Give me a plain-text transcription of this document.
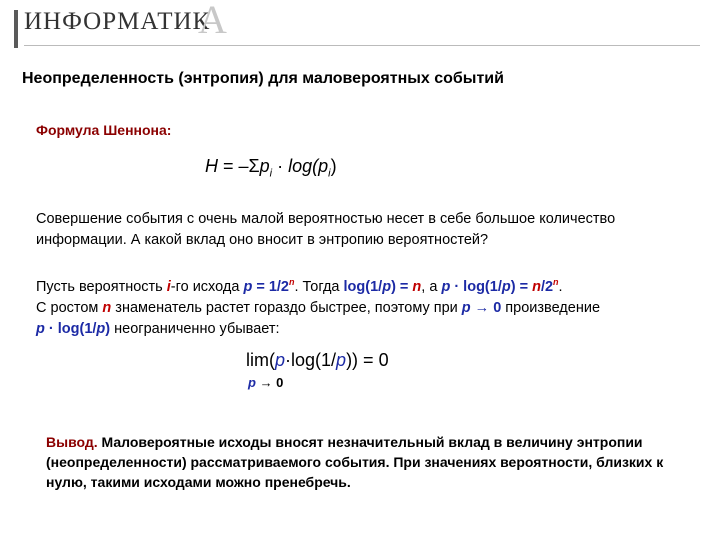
ИНФОРМАТИК
А
Неопределенность (энтропия) для маловероятных событий
Формула Шеннона:
$H = -\Sigma p_i \cdot \log(p_i)$
Совершение события с очень малой вероятностью несет в себе большое количество информации. А какой вклад оно вносит в энтропию вероятностей?
Пусть вероятность i-го исхода $p = 1/2^n$. Тогда log(1/p) = n, а $p \cdot \log(1/p) = n/2^n$.
С ростом n знаменатель растет гораздо быстрее, поэтому при p → 0 произведение
p · log(1/p) неограниченно убывает:
lim(p·log(1/p)) = 0
p → 0
Вывод. Маловероятные исходы вносят незначительный вклад в величину энтропии (неопределенности) рассматриваемого события. При значениях вероятности, близких к нулю, такими исходами можно пренебречь.
